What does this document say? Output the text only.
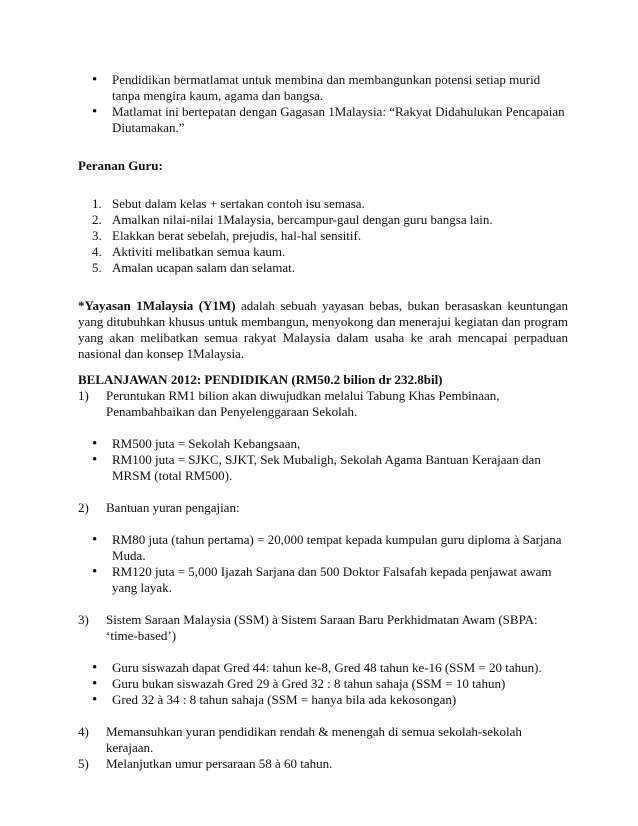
• Pendidikan bermatlamat untuk membina dan membangunkan potensi setiap murid tanpa mengira kaum, agama dan bangsa.
• Matlamat ini bertepatan dengan Gagasan 1Malaysia: “Rakyat Didahulukan Pencapaian Diutamakan.”
Peranan Guru:
1. Sebut dalam kelas + sertakan contoh isu semasa.
2. Amalkan nilai-nilai 1Malaysia, bercampur-gaul dengan guru bangsa lain.
3. Elakkan berat sebelah, prejudis, hal-hal sensitif.
4. Aktiviti melibatkan semua kaum.
5. Amalan ucapan salam dan selamat.

*Yayasan 1Malaysia (Y1M) adalah sebuah yayasan bebas, bukan berasaskan keuntungan yang ditubuhkan khusus untuk membangun, menyokong dan menerajui kegiatan dan program yang akan melibatkan semua rakyat Malaysia dalam usaha ke arah mencapai perpaduan nasional dan konsep 1Malaysia.

BELANJAWAN 2012: PENDIDIKAN (RM50.2 bilion dr 232.8bil)
1) Peruntukan RM1 bilion akan diwujudkan melalui Tabung Khas Pembinaan, Penambahbaikan dan Penyelenggaraan Sekolah.
• RM500 juta = Sekolah Kebangsaan,
• RM100 juta = SJKC, SJKT, Sek Mubaligh, Sekolah Agama Bantuan Kerajaan dan MRSM (total RM500).
2) Bantuan yuran pengajian:
• RM80 juta (tahun pertama) = 20,000 tempat kepada kumpulan guru diploma à Sarjana Muda.
• RM120 juta = 5,000 Ijazah Sarjana dan 500 Doktor Falsafah kepada penjawat awam yang layak.
3) Sistem Saraan Malaysia (SSM) à Sistem Saraan Baru Perkhidmatan Awam (SBPA: ‘time-based’)
• Guru siswazah dapat Gred 44: tahun ke-8, Gred 48 tahun ke-16 (SSM = 20 tahun).
• Guru bukan siswazah Gred 29 à Gred 32 : 8 tahun sahaja (SSM = 10 tahun)
• Gred 32 à 34 : 8 tahun sahaja (SSM = hanya bila ada kekosongan)
4) Memansuhkan yuran pendidikan rendah & menengah di semua sekolah-sekolah kerajaan.
5) Melanjutkan umur persaraan 58 à 60 tahun.
